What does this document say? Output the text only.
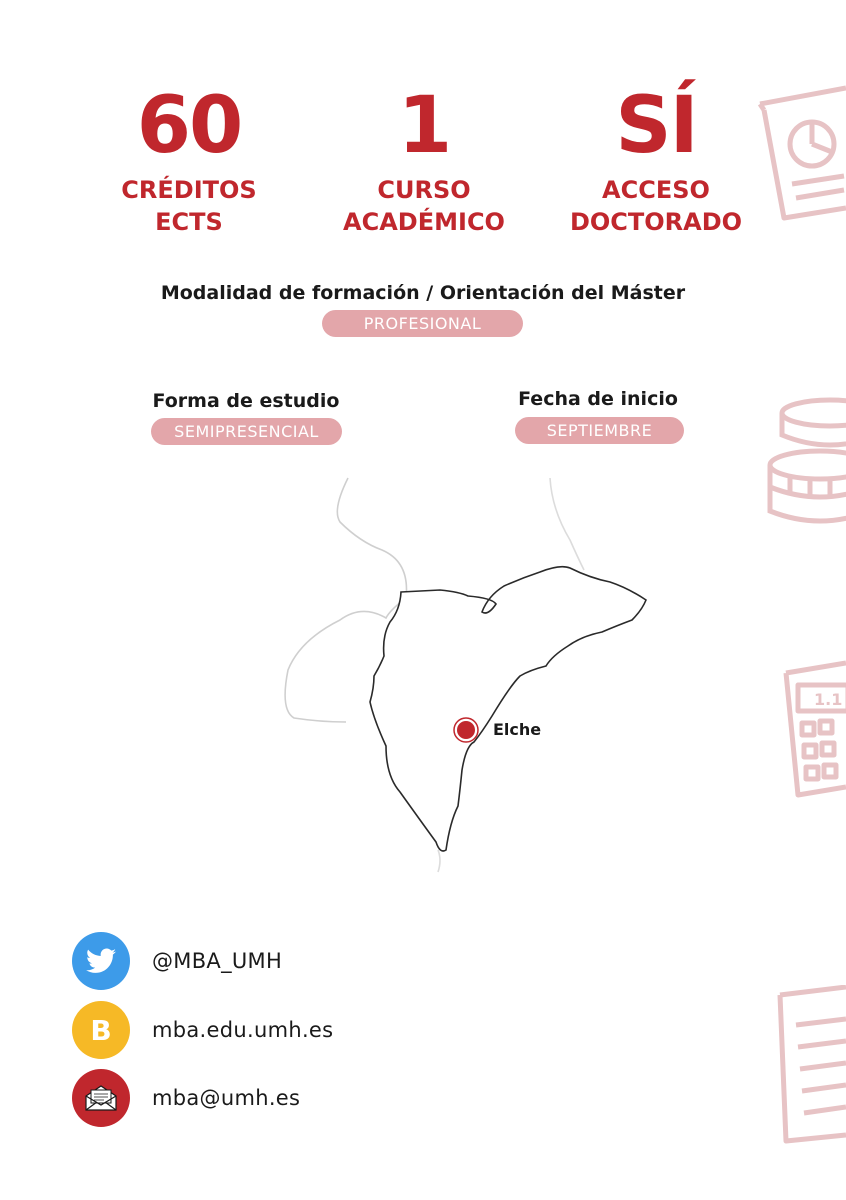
60
CRÉDITOS
ECTS
1
CURSO
ACADÉMICO
SÍ
ACCESO
DOCTORADO
1.1
Modalidad de formación / Orientación del Máster
PROFESIONAL
Forma de estudio
SEMIPRESENCIAL
Fecha de inicio
SEPTIEMBRE
Elche
@MBA_UMH
B mba.edu.umh.es
mba@umh.es
